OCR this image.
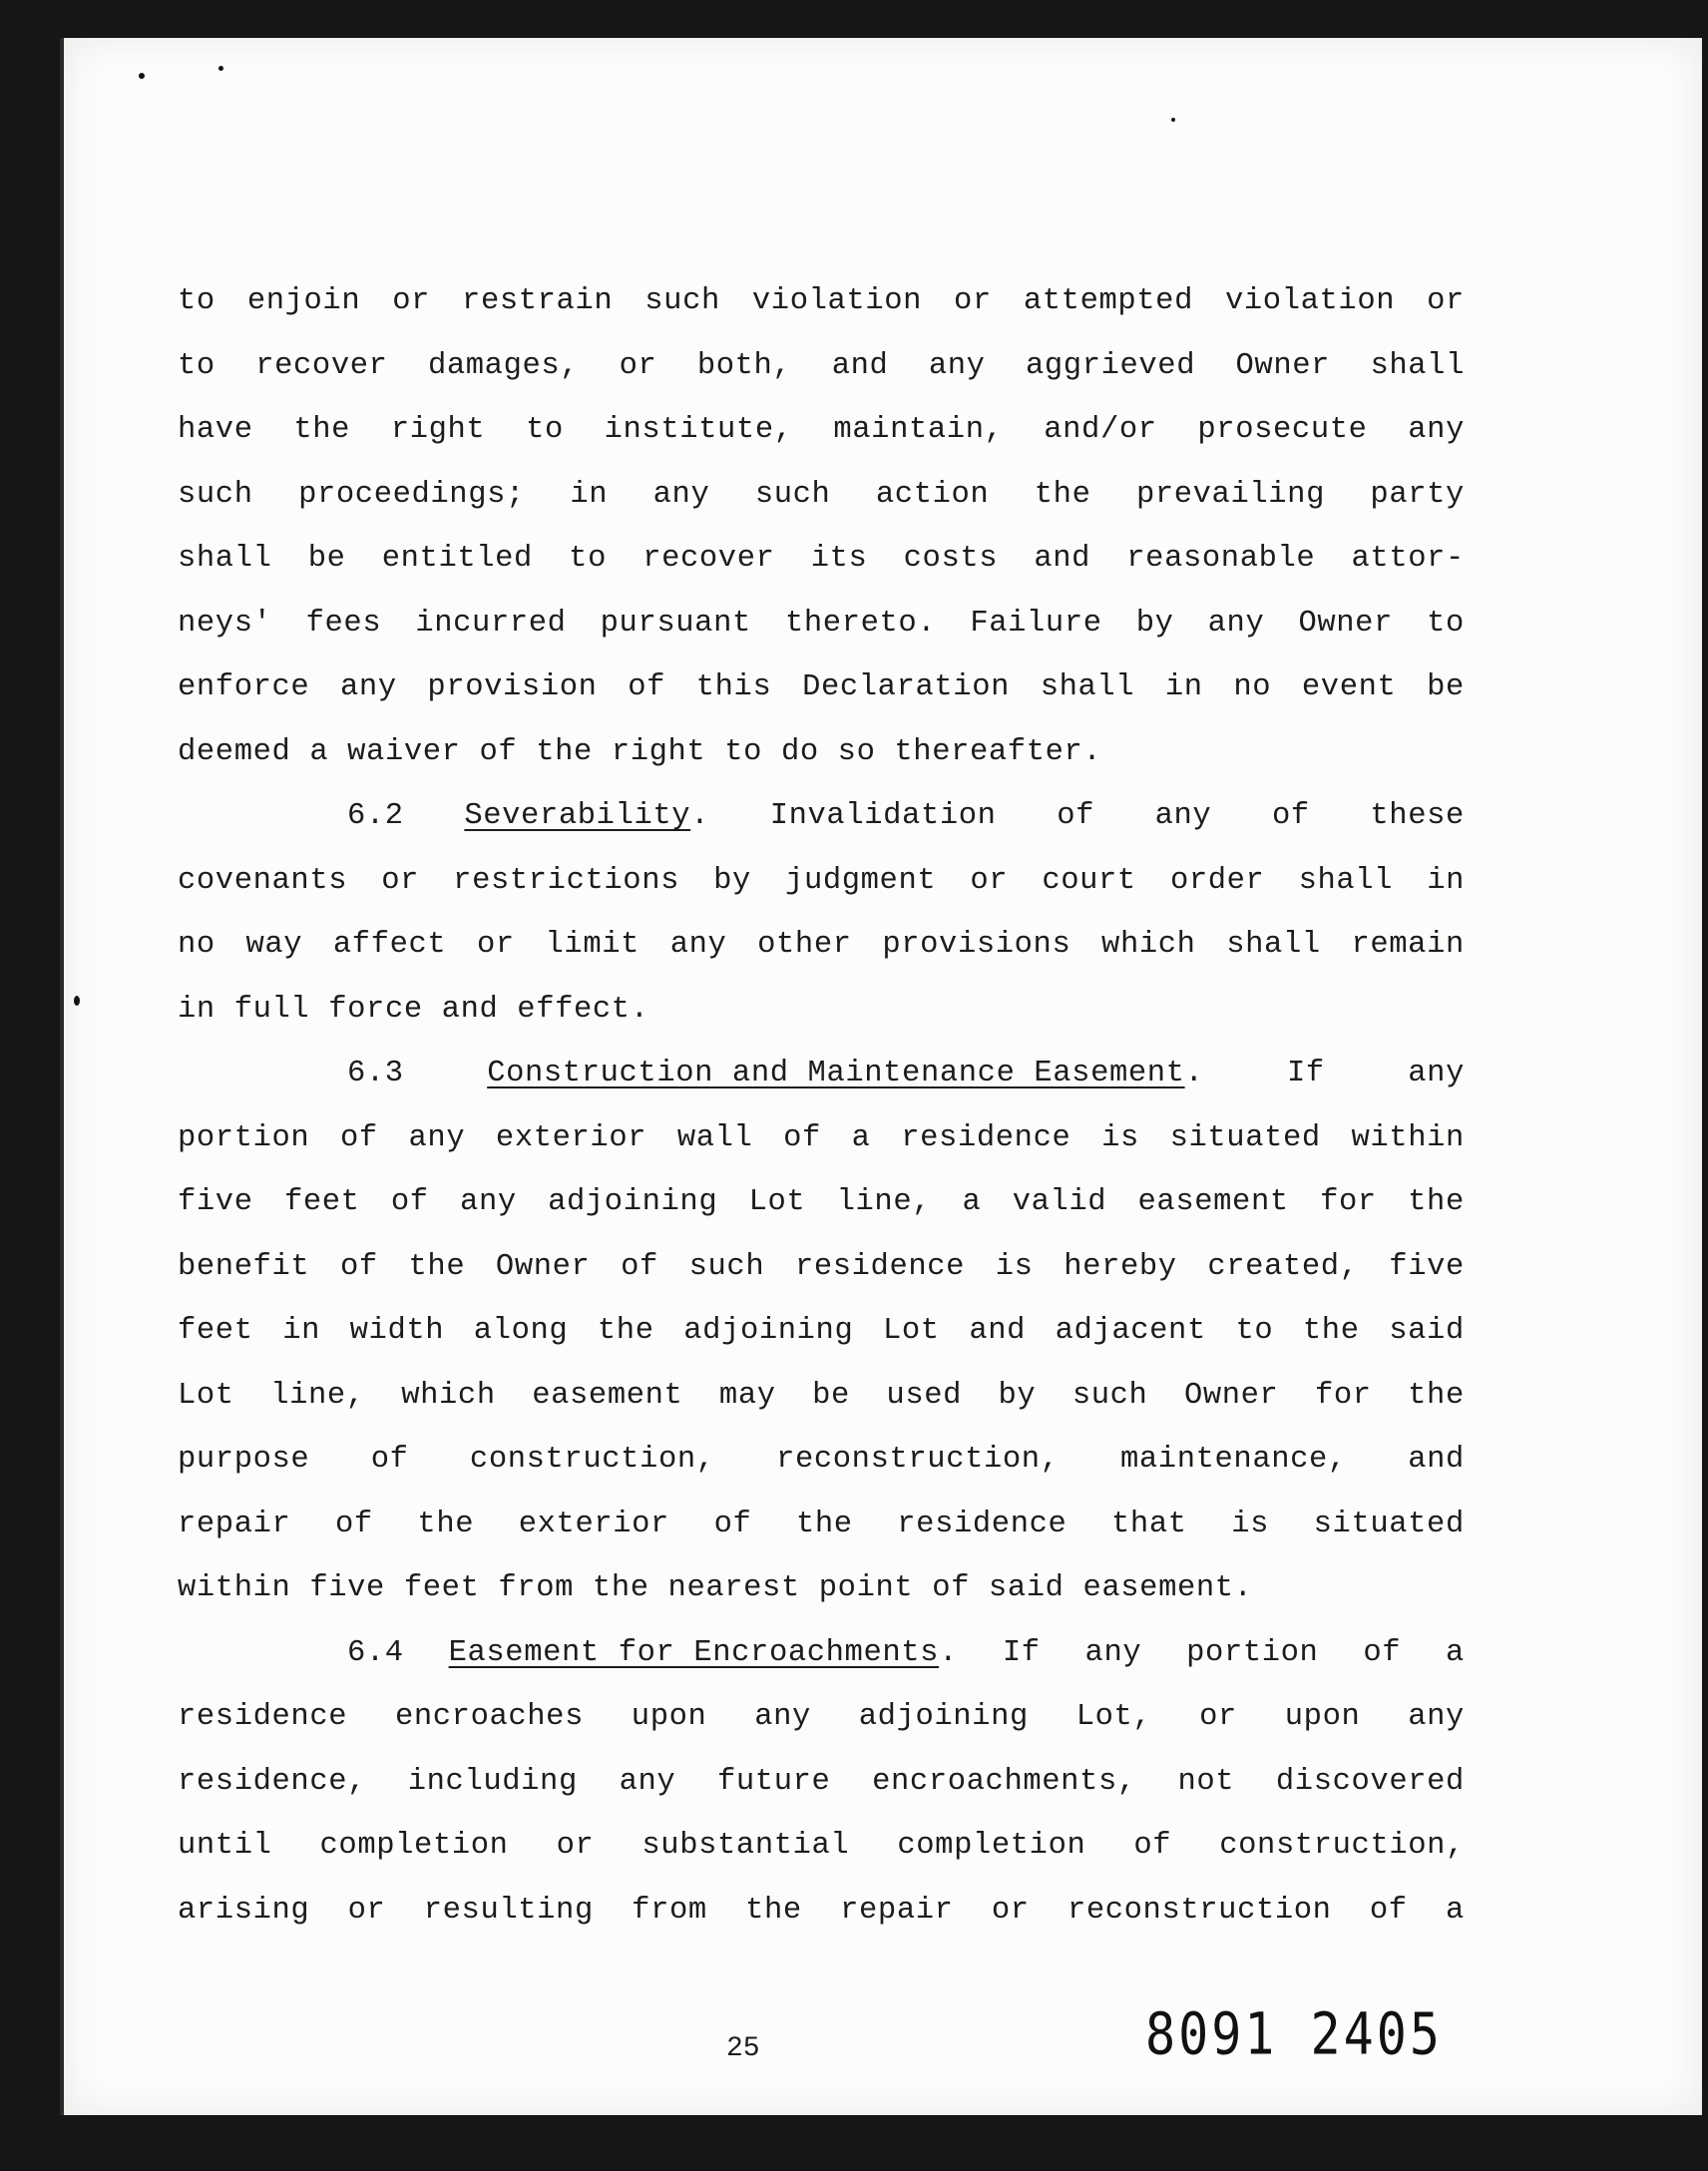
to enjoin or restrain such violation or attempted violation or
to recover damages, or both, and any aggrieved Owner shall
have the right to institute, maintain, and/or prosecute any
such proceedings; in any such action the prevailing party
shall be entitled to recover its costs and reasonable attor-
neys' fees incurred pursuant thereto. Failure by any Owner to
enforce any provision of this Declaration shall in no event be
deemed a waiver of the right to do so thereafter.
6.2 Severability. Invalidation of any of these
covenants or restrictions by judgment or court order shall in
no way affect or limit any other provisions which shall remain
in full force and effect.
6.3	Construction and Maintenance Easement.	If	any
portion of any exterior wall of a residence is situated within
five feet of any adjoining Lot line, a valid easement for the
benefit of the Owner of such residence is hereby created, five
feet in width along the adjoining Lot and adjacent to the said
Lot line, which easement may be used by such Owner for the
purpose of construction, reconstruction, maintenance, and
repair of the exterior of the residence that is situated
within five feet from the nearest point of said easement.
6.4 Easement for Encroachments. If any portion of a
residence encroaches upon any adjoining Lot, or upon any
residence, including any future encroachments, not discovered
until completion or substantial completion of construction,
arising or resulting from the repair or reconstruction of a
25	8091 2405
